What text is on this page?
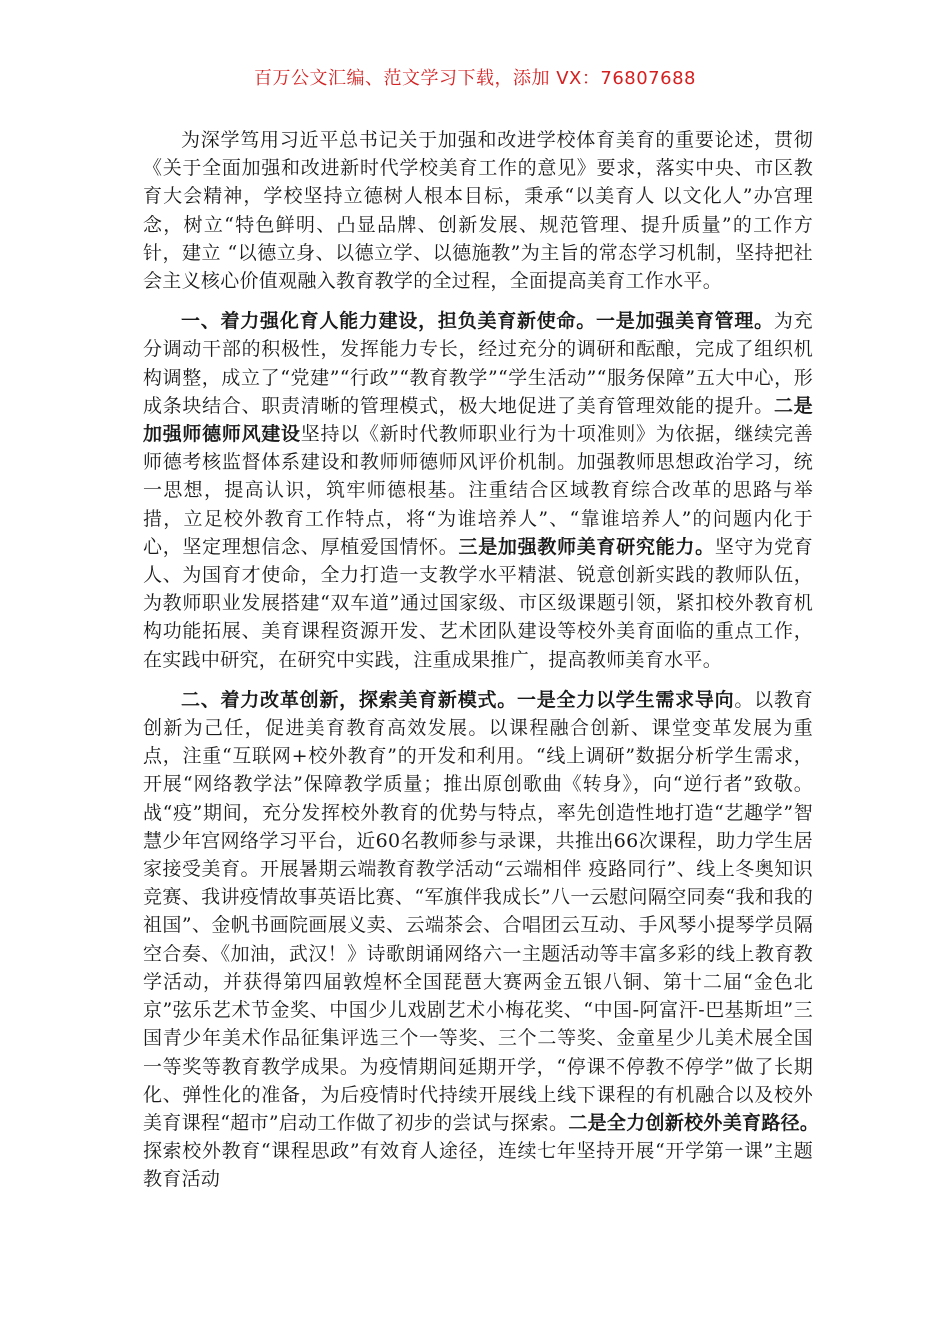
百万公文汇编、范文学习下载，添加 VX：76807688

为深学笃用习近平总书记关于加强和改进学校体育美育的重要论述，贯彻《关于全面加强和改进新时代学校美育工作的意见》要求，落实中央、市区教育大会精神，学校坚持立德树人根本目标，秉承“以美育人 以文化人”办宫理念，树立“特色鲜明、凸显品牌、创新发展、规范管理、提升质量”的工作方针，建立 “以德立身、以德立学、以德施教”为主旨的常态学习机制，坚持把社会主义核心价值观融入教育教学的全过程，全面提高美育工作水平。

一、着力强化育人能力建设，担负美育新使命。一是加强美育管理。为充分调动干部的积极性，发挥能力专长，经过充分的调研和酝酿，完成了组织机构调整，成立了“党建”“行政”“教育教学”“学生活动”“服务保障”五大中心，形成条块结合、职责清晰的管理模式，极大地促进了美育管理效能的提升。二是加强师德师风建设坚持以《新时代教师职业行为十项准则》为依据，继续完善师德考核监督体系建设和教师师德师风评价机制。加强教师思想政治学习，统一思想，提高认识，筑牢师德根基。注重结合区域教育综合改革的思路与举措，立足校外教育工作特点，将“为谁培养人”、“靠谁培养人”的问题内化于心，坚定理想信念、厚植爱国情怀。三是加强教师美育研究能力。坚守为党育人、为国育才使命，全力打造一支教学水平精湛、锐意创新实践的教师队伍，为教师职业发展搭建“双车道”通过国家级、市区级课题引领，紧扣校外教育机构功能拓展、美育课程资源开发、艺术团队建设等校外美育面临的重点工作，在实践中研究，在研究中实践，注重成果推广，提高教师美育水平。

二、着力改革创新，探索美育新模式。一是全力以学生需求导向。以教育创新为己任，促进美育教育高效发展。以课程融合创新、课堂变革发展为重点，注重“互联网+校外教育”的开发和利用。“线上调研”数据分析学生需求，开展“网络教学法”保障教学质量；推出原创歌曲《转身》，向“逆行者”致敬。战“疫”期间，充分发挥校外教育的优势与特点，率先创造性地打造“艺趣学”智慧少年宫网络学习平台，近60名教师参与录课，共推出66次课程，助力学生居家接受美育。开展暑期云端教育教学活动“云端相伴 疫路同行”、线上冬奥知识竞赛、我讲疫情故事英语比赛、“军旗伴我成长”八一云慰问隔空同奏“我和我的祖国”、金帆书画院画展义卖、云端茶会、合唱团云互动、手风琴小提琴学员隔空合奏、《加油，武汉！》诗歌朗诵网络六一主题活动等丰富多彩的线上教育教学活动，并获得第四届敦煌杯全国琵琶大赛两金五银八铜、第十二届“金色北京”弦乐艺术节金奖、中国少儿戏剧艺术小梅花奖、“中国-阿富汗-巴基斯坦”三国青少年美术作品征集评选三个一等奖、三个二等奖、金童星少儿美术展全国一等奖等教育教学成果。为疫情期间延期开学，“停课不停教不停学”做了长期化、弹性化的准备，为后疫情时代持续开展线上线下课程的有机融合以及校外美育课程“超市”启动工作做了初步的尝试与探索。二是全力创新校外美育路径。　探索校外教育“课程思政”有效育人途径，连续七年坚持开展“开学第一课”主题教育活动
